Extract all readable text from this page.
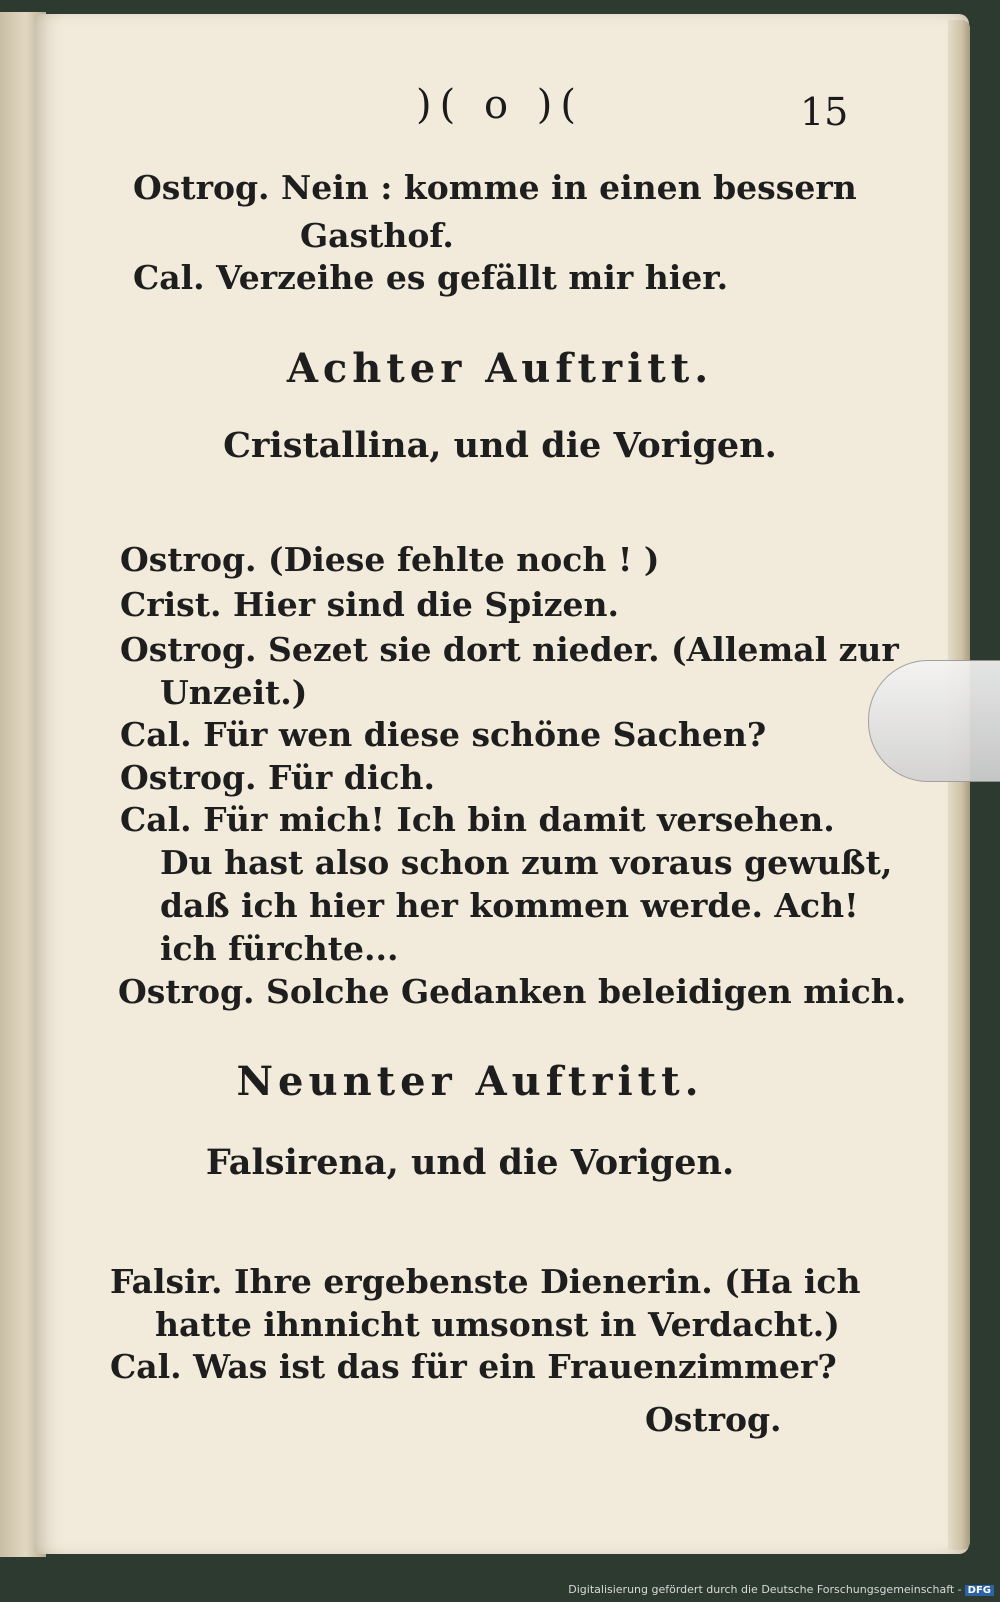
)( o )(	15
Ostrog. Nein : komme in einen bessern
Gasthof.
Cal. Verzeihe es gefällt mir hier.
Achter Auftritt.
Cristallina, und die Vorigen.
Ostrog. (Diese fehlte noch ! )
Crist. Hier sind die Spizen.
Ostrog. Sezet sie dort nieder. (Allemal zur
Unzeit.)
Cal. Für wen diese schöne Sachen?
Ostrog. Für dich.
Cal. Für mich! Ich bin damit versehen.
Du hast also schon zum voraus gewußt,
daß ich hier her kommen werde. Ach!
ich fürchte...
Ostrog. Solche Gedanken beleidigen mich.
Neunter Auftritt.
Falsirena, und die Vorigen.
Falsir. Ihre ergebenste Dienerin. (Ha ich
hatte ihnnicht umsonst in Verdacht.)
Cal. Was ist das für ein Frauenzimmer?
Ostrog.
Digitalisierung gefördert durch die Deutsche Forschungsgemeinschaft - DFG
